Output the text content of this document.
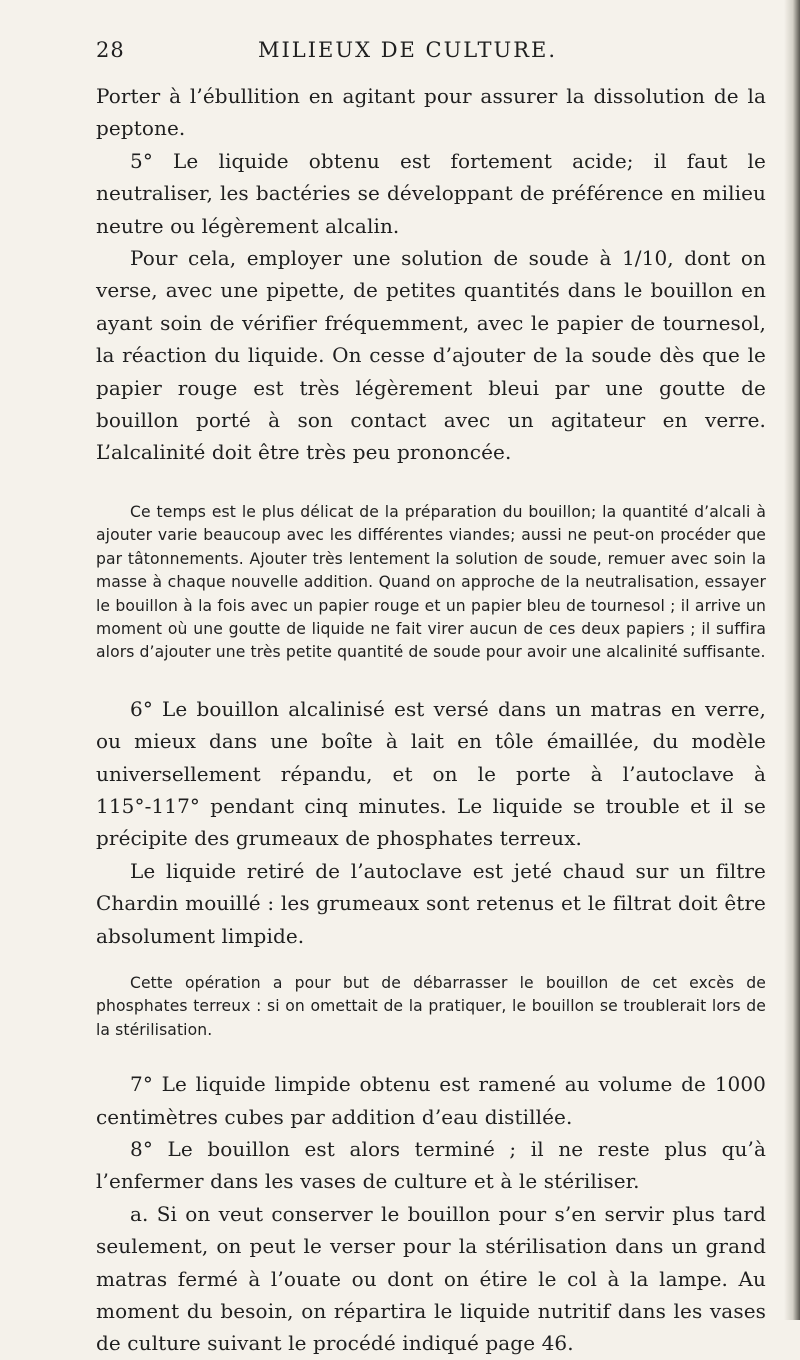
28	MILIEUX DE CULTURE.

Porter à l’ébullition en agitant pour assurer la dissolution de la peptone.

5° Le liquide obtenu est fortement acide; il faut le neutraliser, les bactéries se développant de préférence en milieu neutre ou légèrement alcalin.

Pour cela, employer une solution de soude à 1/10, dont on verse, avec une pipette, de petites quantités dans le bouillon en ayant soin de vérifier fréquemment, avec le papier de tournesol, la réaction du liquide. On cesse d’ajouter de la soude dès que le papier rouge est très légèrement bleui par une goutte de bouillon porté à son contact avec un agitateur en verre. L’alcalinité doit être très peu prononcée.

Ce temps est le plus délicat de la préparation du bouillon; la quantité d’alcali à ajouter varie beaucoup avec les différentes viandes; aussi ne peut-on procéder que par tâtonnements. Ajouter très lentement la solution de soude, remuer avec soin la masse à chaque nouvelle addition. Quand on approche de la neutralisation, essayer le bouillon à la fois avec un papier rouge et un papier bleu de tournesol ; il arrive un moment où une goutte de liquide ne fait virer aucun de ces deux papiers ; il suffira alors d’ajouter une très petite quantité de soude pour avoir une alcalinité suffisante.

6° Le bouillon alcalinisé est versé dans un matras en verre, ou mieux dans une boîte à lait en tôle émaillée, du modèle universellement répandu, et on le porte à l’autoclave à 115°-117° pendant cinq minutes. Le liquide se trouble et il se précipite des grumeaux de phosphates terreux.

Le liquide retiré de l’autoclave est jeté chaud sur un filtre Chardin mouillé : les grumeaux sont retenus et le filtrat doit être absolument limpide.

Cette opération a pour but de débarrasser le bouillon de cet excès de phosphates terreux : si on omettait de la pratiquer, le bouillon se troublerait lors de la stérilisation.

7° Le liquide limpide obtenu est ramené au volume de 1000 centimètres cubes par addition d’eau distillée.

8° Le bouillon est alors terminé ; il ne reste plus qu’à l’enfermer dans les vases de culture et à le stériliser.

a. Si on veut conserver le bouillon pour s’en servir plus tard seulement, on peut le verser pour la stérilisation dans un grand matras fermé à l’ouate ou dont on étire le col à la lampe. Au moment du besoin, on répartira le liquide nutritif dans les vases de culture suivant le procédé indiqué page 46.
